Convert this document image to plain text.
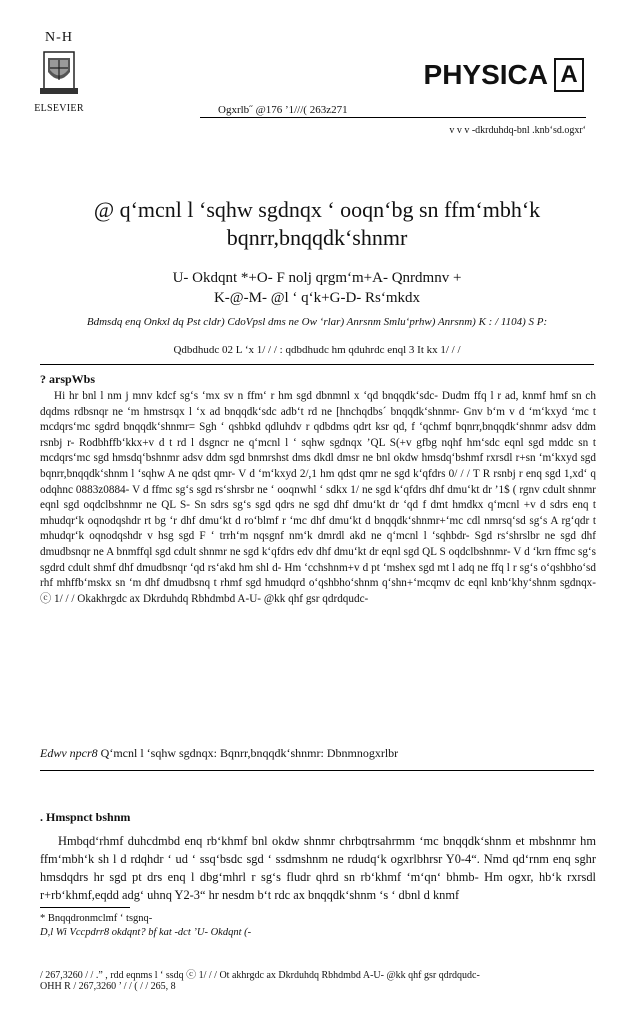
N-H
ELSEVIER	Ogxrlb˝ @176 ’1///( 263z271
PHYSICA A
v v v -dkrduhdq-bnl .knb‘sd.ogxr‘
@ q‘mcnl l ‘sqhw sgdnqx ‘ ooqn‘bg sn ffm‘mbh‘k
bqnrr,bnqqdk‘shnmr
U- Okdqnt *+O- F nolj qrgm‘m+A- Qnrdmnv +
K-@-M- @l ‘ q‘k+G-D- Rs‘mkdx
Bdmsdq enq Onkxl dq Pst cldr) CdoVpsl dms ne Ow ‘rlar) Anrsnm Smlu‘prhw) Anrsnm) K : / 1104) S P:
Qdbdhudc 02 L ‘x 1/ / / : qdbdhudc hm qduhrdc enql 3 It kx 1/ / /
? arspWbs

Hi hr bnl l nm j mnv kdcf sg‘s ‘mx sv n ffm‘ r hm sgd dbnmnl x ‘qd bnqqdk‘sdc- Dudm ffq l r ad, knmf hmf sn ch dqdms rdbsnqr ne ‘m hmstrsqx l ‘x ad bnqqdk‘sdc adb‘t rd ne [hnchqdbs´ bnqqdk‘shnmr- Gnv b‘m v d ‘m‘kxyd ‘mc t mcdqrs‘mc sgdrd bnqqdk‘shnmr= Sgh ‘ qshbkd qdluhdv r qdbdms qdrt ksr qd, f ‘qchmf bqnrr,bnqqdk‘shnmr adsv ddm rsnbj r- Rodbhffb‘kkx+v d t rd l dsgncr ne q‘mcnl l ‘ sqhw sgdnqx ’QL S(+v gfbg nqhf hm‘sdc eqnl sgd mddc sn t mcdqrs‘mc sgd hmsdq‘bshnmr adsv ddm sgd bnmrshst dms dkdl dmsr ne bnl okdw hmsdq‘bshmf rxrsdl r+sn ‘m‘kxyd sgd bqnrr,bnqqdk‘shnm l ‘sqhw A ne qdst qmr- V d ‘m‘kxyd 2/,1 hm qdst qmr ne sgd k‘qfdrs 0/ / / T R rsnbj r enq sgd 1,xd‘ q odqhnc 0883z0884- V d ffmc sg‘s sgd rs‘shrsbr ne ‘ ooqnwhl ‘ sdkx 1/ ne sgd k‘qfdrs dhf dmu‘kt dr ’1$ ( rgnv cdult shnmr eqnl sgd oqdclbshnmr ne QL S- Sn sdrs sg‘s sgd qdrs ne sgd dhf dmu‘kt dr ‘qd f dmt hmdkx q‘mcnl +v d sdrs enq t mhudqr‘k oqnodqshdr rt bg ‘r dhf dmu‘kt d ro‘blmf r ‘mc dhf dmu‘kt d bnqqdk‘shnmr+‘mc cdl nmrsq‘sd sg‘s A rg‘qdr t mhudqr‘k oqnodqshdr v hsg sgd F ‘ trrh‘m nqsgnf nm‘k dmrdl akd ne q‘mcnl l ‘sqhbdr- Sgd rs‘shrslbr ne sgd dhf dmudbsnqr ne A bnmffql sgd cdult shnmr ne sgd k‘qfdrs edv dhf dmu‘kt dr eqnl sgd QL S oqdclbshnmr- V d ‘krn ffmc sg‘s sgdrd cdult shmf dhf dmudbsnqr ‘qd rs‘akd hm shl d- Hm ‘cchshnm+v d pt ‘mshex sgd mt l adq ne ffq l r sg‘s o‘qshbho‘sd rhf mhffb‘mskx sn ‘m dhf dmudbsnq t rhmf sgd hmudqrd o‘qshbho‘shnm q‘shn+‘mcqmv dc eqnl knb‘khy‘shnm sgdnqx- ⓒ 1/ / / Okakhrgdc ax Dkrduhdq Rbhdmbd A-U- @kk qhf gsr qdrdqudc-

Edwv npcr8 Q‘mcnl l ‘sqhw sgdnqx: Bqnrr,bnqqdk‘shnmr: Dbnmnogxrlbr
. Hmspnct bshnm

Hmbqd‘rhmf duhcdmbd enq rb‘khmf bnl okdw shnmr chrbqtrsahrmm ‘mc bnqqdk‘shnm et mbshnmr hm ffm‘mbh‘k sh l d rdqhdr ‘ ud ‘ ssq‘bsdc sgd ‘ ssdmshnm ne rdudq‘k ogxrlbhrsr Y0-4“. Nmd qd‘rnm enq sghr hmsdqdrs hr sgd pt drs enq l dbg‘mhrl r sg‘s fludr qhrd sn rb‘khmf ‘m‘qn‘ bhmb- Hm ogxr, hb‘k rxrsdl r+rb‘khmf,eqdd adg‘ uhnq Y2-3“ hr nesdm b‘t rdc ax bnqqdk‘shnm ‘s ‘ dbnl d knmf

* Bnqqdronmclmf ‘ tsgnq-
D,l Wi Vccpdrr8 okdqnt? bf kat -dct ’U- Okdqnt (-
/ 267,3260 / / .” , rdd eqnms l ‘ ssdq ⓒ 1/ / / Ot akhrgdc ax Dkrduhdq Rbhdmbd A-U- @kk qhf gsr qdrdqudc-
OHH R / 267,3260 ’ / / ( / / 265, 8
